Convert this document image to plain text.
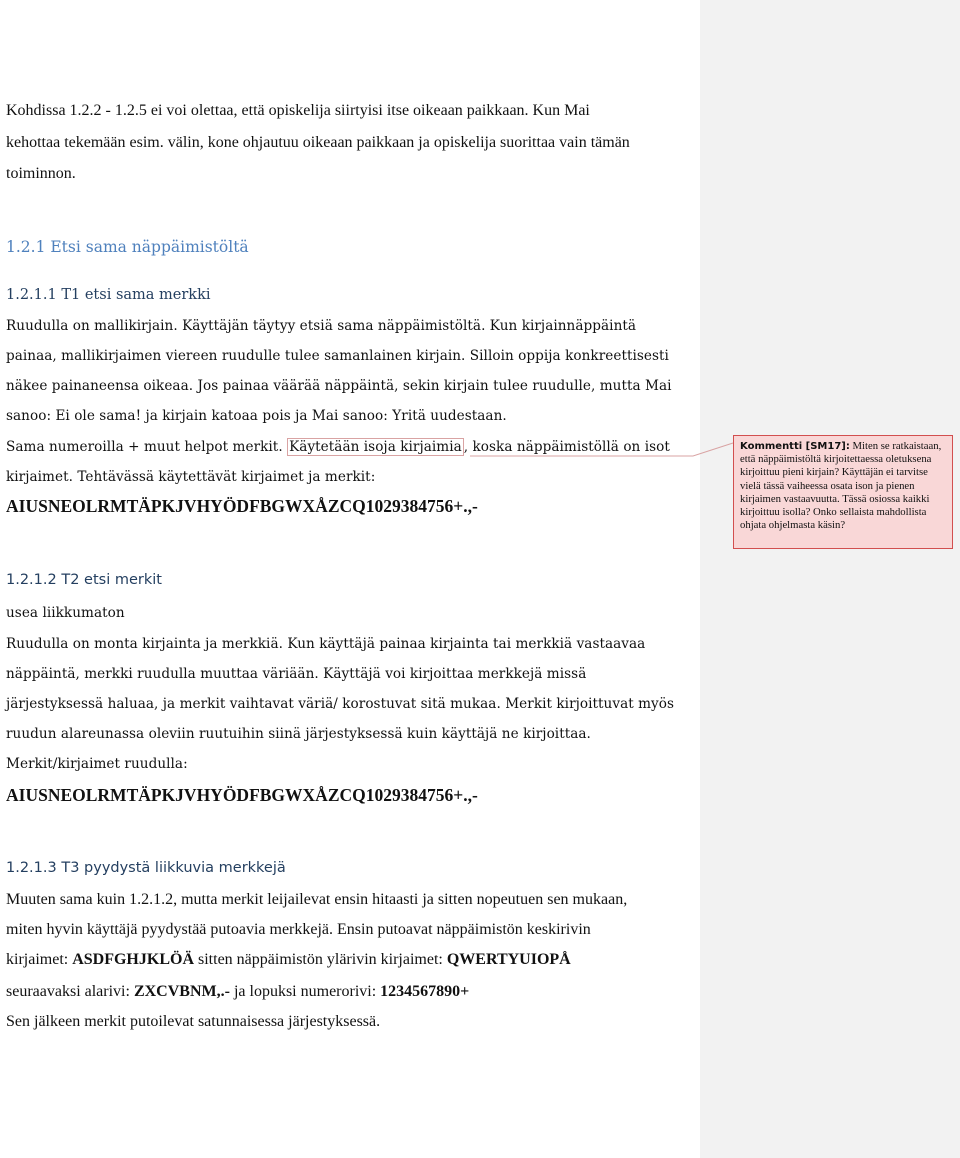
Kohdissa 1.2.2 - 1.2.5 ei voi olettaa, että opiskelija siirtyisi itse oikeaan paikkaan. Kun Mai
kehottaa tekemään esim. välin, kone ohjautuu oikeaan paikkaan ja opiskelija suorittaa vain tämän
toiminnon.
1.2.1 Etsi sama näppäimistöltä
1.2.1.1 T1 etsi sama merkki
Ruudulla on mallikirjain. Käyttäjän täytyy etsiä sama näppäimistöltä. Kun kirjainnäppäintä
painaa, mallikirjaimen viereen ruudulle tulee samanlainen kirjain. Silloin oppija konkreettisesti
näkee painaneensa oikeaa. Jos painaa väärää näppäintä, sekin kirjain tulee ruudulle, mutta Mai
sanoo: Ei ole sama! ja kirjain katoaa pois ja Mai sanoo: Yritä uudestaan.
Sama numeroilla + muut helpot merkit. Käytetään isoja kirjaimia , koska näppäimistöllä on isot
kirjaimet. Tehtävässä käytettävät kirjaimet ja merkit:
AIUSNEOLRMTÄPKJVHYÖDFBGWXÅZCQ1029384756+.,-
1.2.1.2 T2 etsi merkit
usea liikkumaton
Ruudulla on monta kirjainta ja merkkiä. Kun käyttäjä painaa kirjainta tai merkkiä vastaavaa
näppäintä, merkki ruudulla muuttaa väriään. Käyttäjä voi kirjoittaa merkkejä missä
järjestyksessä haluaa, ja merkit vaihtavat väriä/ korostuvat sitä mukaa. Merkit kirjoittuvat myös
ruudun alareunassa oleviin ruutuihin siinä järjestyksessä kuin käyttäjä ne kirjoittaa.
Merkit/kirjaimet ruudulla:
AIUSNEOLRMTÄPKJVHYÖDFBGWXÅZCQ1029384756+.,-
1.2.1.3 T3 pyydystä liikkuvia merkkejä
Muuten sama kuin 1.2.1.2, mutta merkit leijailevat ensin hitaasti ja sitten nopeutuen sen mukaan,
miten hyvin käyttäjä pyydystää putoavia merkkejä. Ensin putoavat näppäimistön keskirivin
kirjaimet: ASDFGHJKLÖÄ sitten näppäimistön ylärivin kirjaimet: QWERTYUIOPÅ
seuraavaksi alarivi: ZXCVBNM,.- ja lopuksi numerorivi: 1234567890+
Sen jälkeen merkit putoilevat satunnaisessa järjestyksessä.
Kommentti [SM17]: Miten se ratkaistaan, että näppäimistöltä kirjoitettaessa oletuksena kirjoittuu pieni kirjain? Käyttäjän ei tarvitse vielä tässä vaiheessa osata ison ja pienen kirjaimen vastaavuutta. Tässä osiossa kaikki kirjoittuu isolla? Onko sellaista mahdollista ohjata ohjelmasta käsin?
